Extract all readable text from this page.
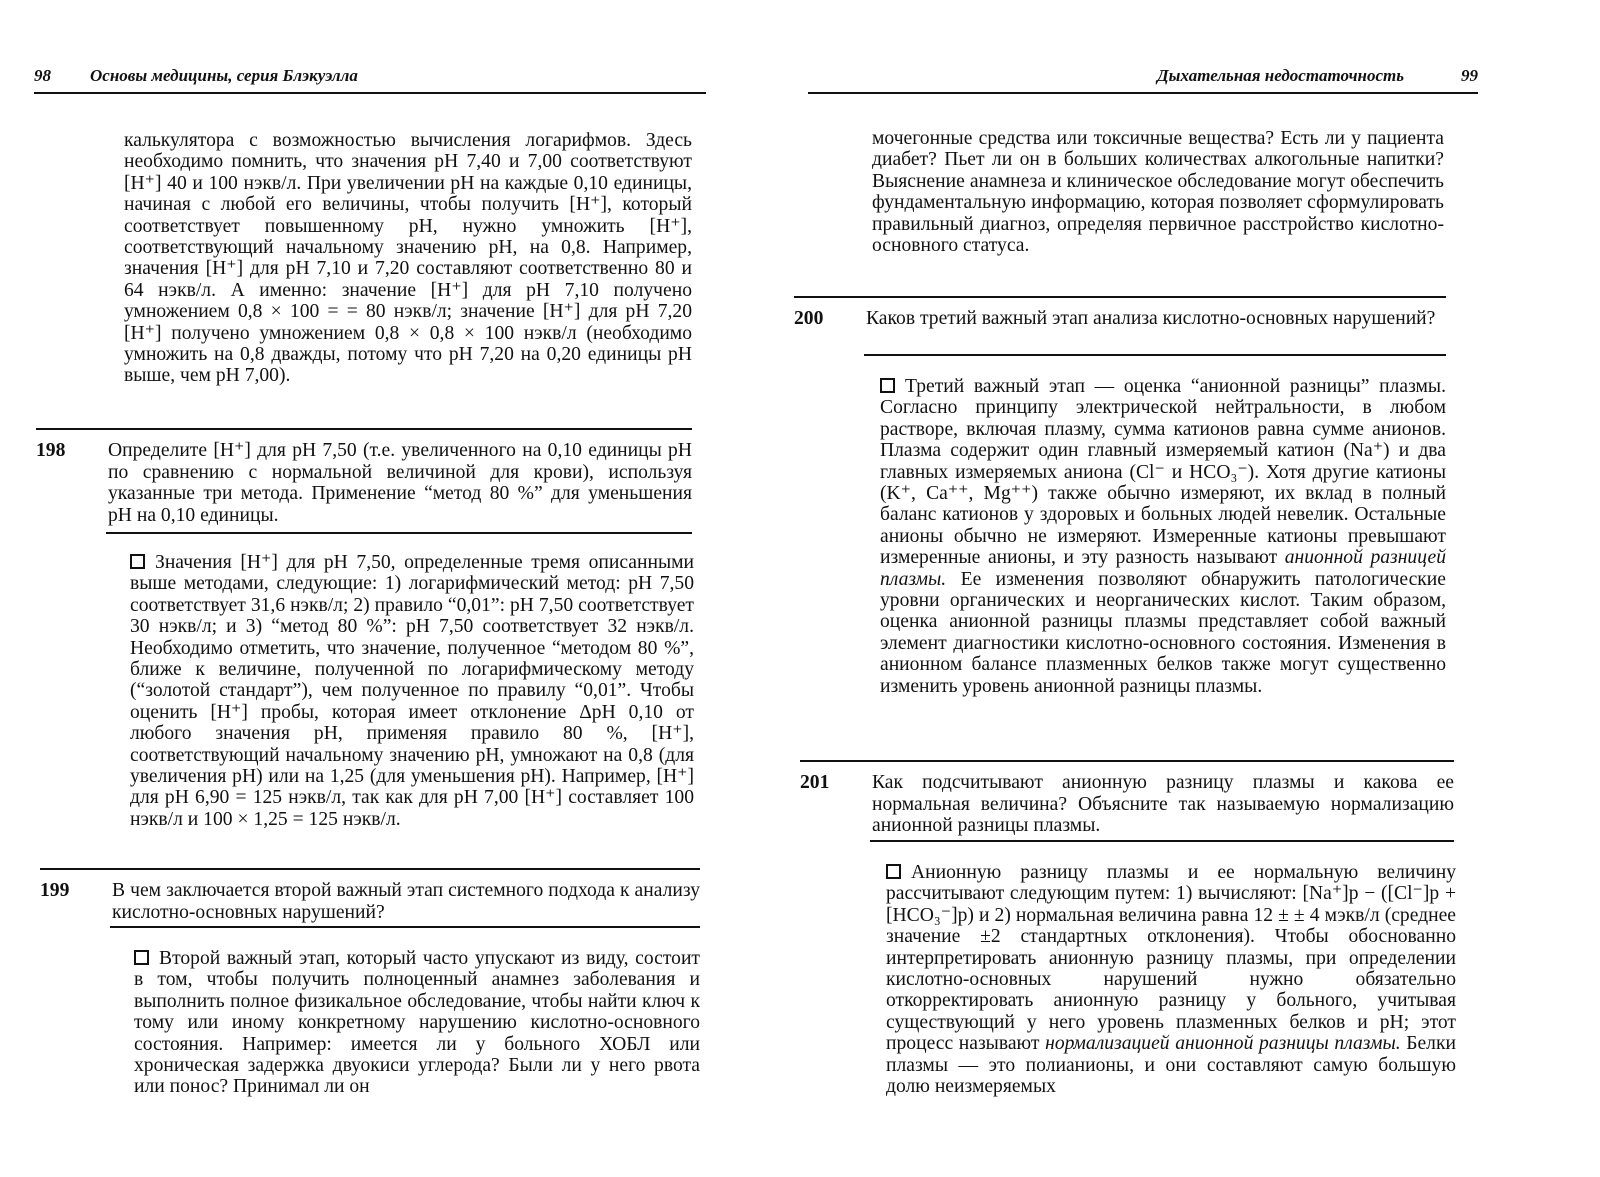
98 Основы медицины, серия Блэкуэлла

калькулятора с возможностью вычисления логарифмов. Здесь необходимо помнить, что значения pH 7,40 и 7,00 соответствуют [H⁺] 40 и 100 нэкв/л. При увеличении pH на каждые 0,10 единицы, начиная с любой его величины, чтобы получить [H⁺], который соответствует повышенному pH, нужно умножить [H⁺], соответствующий начальному значению pH, на 0,8. Например, значения [H⁺] для pH 7,10 и 7,20 составляют соответственно 80 и 64 нэкв/л. А именно: значение [H⁺] для pH 7,10 получено умножением 0,8 × 100 = = 80 нэкв/л; значение [H⁺] для pH 7,20 [H⁺] получено умножением 0,8 × 0,8 × 100 нэкв/л (необходимо умножить на 0,8 дважды, потому что pH 7,20 на 0,20 единицы pH выше, чем pH 7,00).

198 Определите [H⁺] для pH 7,50 (т.е. увеличенного на 0,10 единицы pH по сравнению с нормальной величиной для крови), используя указанные три метода. Применение “метод 80 %” для уменьшения pH на 0,10 единицы.

Значения [H⁺] для pH 7,50, определенные тремя описанными выше методами, следующие: 1) логарифмический метод: pH 7,50 соответствует 31,6 нэкв/л; 2) правило “0,01”: pH 7,50 соответствует 30 нэкв/л; и 3) “метод 80 %”: pH 7,50 соответствует 32 нэкв/л. Необходимо отметить, что значение, полученное “методом 80 %”, ближе к величине, полученной по логарифмическому методу (“золотой стандарт”), чем полученное по правилу “0,01”. Чтобы оценить [H⁺] пробы, которая имеет отклонение ΔpH 0,10 от любого значения pH, применяя правило 80 %, [H⁺], соответствующий начальному значению pH, умножают на 0,8 (для увеличения pH) или на 1,25 (для уменьшения pH). Например, [H⁺] для pH 6,90 = 125 нэкв/л, так как для pH 7,00 [H⁺] составляет 100 нэкв/л и 100 × 1,25 = 125 нэкв/л.

199 В чем заключается второй важный этап системного подхода к анализу кислотно-основных нарушений?

Второй важный этап, который часто упускают из виду, состоит в том, чтобы получить полноценный анамнез заболевания и выполнить полное физикальное обследование, чтобы найти ключ к тому или иному конкретному нарушению кислотно-основного состояния. Например: имеется ли у больного ХОБЛ или хроническая задержка двуокиси углерода? Были ли у него рвота или понос? Принимал ли он

Дыхательная недостаточность	99

мочегонные средства или токсичные вещества? Есть ли у пациента диабет? Пьет ли он в больших количествах алкогольные напитки? Выяснение анамнеза и клиническое обследование могут обеспечить фундаментальную информацию, которая позволяет сформулировать правильный диагноз, определяя первичное расстройство кислотно-основного статуса.

200 Каков третий важный этап анализа кислотно-основных нарушений?

Третий важный этап — оценка “анионной разницы” плазмы. Согласно принципу электрической нейтральности, в любом растворе, включая плазму, сумма катионов равна сумме анионов. Плазма содержит один главный измеряемый катион (Na⁺) и два главных измеряемых аниона (Cl⁻ и HCO₃⁻). Хотя другие катионы (K⁺, Ca⁺⁺, Mg⁺⁺) также обычно измеряют, их вклад в полный баланс катионов у здоровых и больных людей невелик. Остальные анионы обычно не измеряют. Измеренные катионы превышают измеренные анионы, и эту разность называют анионной разницей плазмы. Ее изменения позволяют обнаружить патологические уровни органических и неорганических кислот. Таким образом, оценка анионной разницы плазмы представляет собой важный элемент диагностики кислотно-основного состояния. Изменения в анионном балансе плазменных белков также могут существенно изменить уровень анионной разницы плазмы.

201 Как подсчитывают анионную разницу плазмы и какова ее нормальная величина? Объясните так называемую нормализацию анионной разницы плазмы.

Анионную разницу плазмы и ее нормальную величину рассчитывают следующим путем: 1) вычисляют: [Na⁺]p − ([Cl⁻]p + [HCO₃⁻]p) и 2) нормальная величина равна 12 ± ± 4 мэкв/л (среднее значение ±2 стандартных отклонения). Чтобы обоснованно интерпретировать анионную разницу плазмы, при определении кислотно-основных нарушений нужно обязательно откорректировать анионную разницу у больного, учитывая существующий у него уровень плазменных белков и pH; этот процесс называют нормализацией анионной разницы плазмы. Белки плазмы — это полианионы, и они составляют самую большую долю неизмеряемых
